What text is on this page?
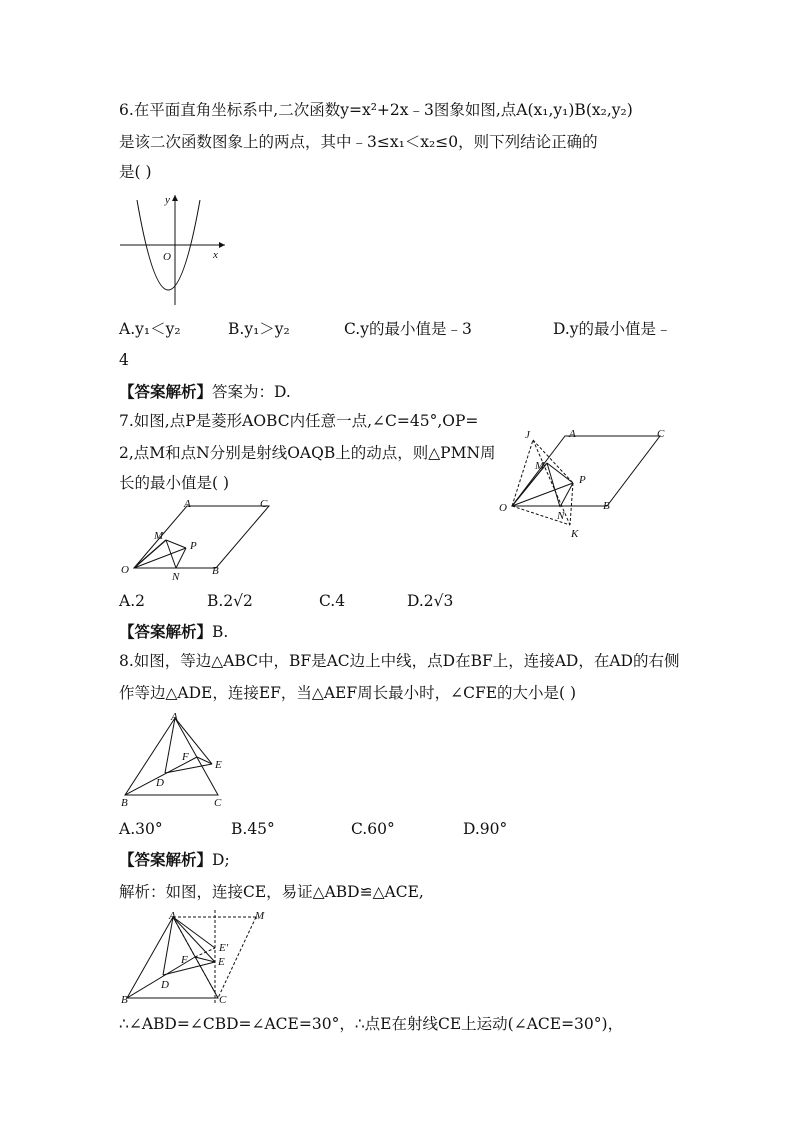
6.在平面直角坐标系中,二次函数y=x²+2x﹣3图象如图,点A(x₁,y₁)B(x₂,y₂)
是该二次函数图象上的两点，其中﹣3≤x₁＜x₂≤0，则下列结论正确的
是( )
y
O	x
A.y₁＜y₂	B.y₁＞y₂	C.y的最小值是﹣3	D.y的最小值是﹣
4
【答案解析】答案为：D.
7.如图,点P是菱形AOBC内任意一点,∠C=45°,OP=
2,点M和点N分别是射线OAQB上的动点，则△PMN周
长的最小值是( )
J	A	C
M
P
O
N
B
K
A	C
M
P
O
N	B
A.2	B.2√2	C.4	D.2√3
【答案解析】B.
8.如图，等边△ABC中，BF是AC边上中线，点D在BF上，连接AD，在AD的右侧
作等边△ADE，连接EF，当△AEF周长最小时，∠CFE的大小是( )
A
F
E
D
B	C
A.30°	B.45°	C.60°	D.90°
【答案解析】D;
解析：如图，连接CE，易证△ABD≌△ACE,
A	M
E'
F	E
D
B	C
∴∠ABD=∠CBD=∠ACE=30°，∴点E在射线CE上运动(∠ACE=30°)，
